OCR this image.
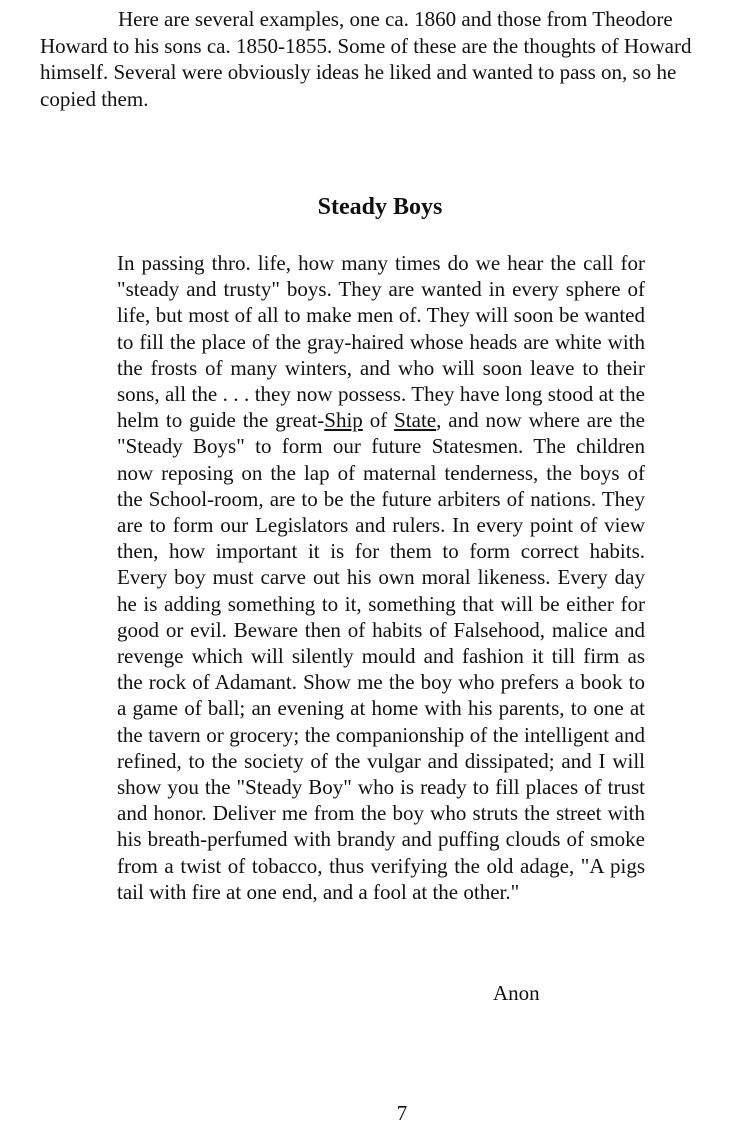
Here are several examples, one ca. 1860 and those from Theodore Howard to his sons ca. 1850-1855. Some of these are the thoughts of Howard himself. Several were obviously ideas he liked and wanted to pass on, so he copied them.

Steady Boys

In passing thro. life, how many times do we hear the call for "steady and trusty" boys. They are wanted in every sphere of life, but most of all to make men of. They will soon be wanted to fill the place of the gray-haired whose heads are white with the frosts of many winters, and who will soon leave to their sons, all the . . . they now possess. They have long stood at the helm to guide the great-Ship of State, and now where are the "Steady Boys" to form our future Statesmen. The children now reposing on the lap of maternal tenderness, the boys of the School-room, are to be the future arbiters of nations. They are to form our Legislators and rulers. In every point of view then, how important it is for them to form correct habits. Every boy must carve out his own moral likeness. Every day he is adding something to it, something that will be either for good or evil. Beware then of habits of Falsehood, malice and revenge which will silently mould and fashion it till firm as the rock of Adamant. Show me the boy who prefers a book to a game of ball; an evening at home with his parents, to one at the tavern or grocery; the companionship of the intelligent and refined, to the society of the vulgar and dissipated; and I will show you the "Steady Boy" who is ready to fill places of trust and honor. Deliver me from the boy who struts the street with his breath-perfumed with brandy and puffing clouds of smoke from a twist of tobacco, thus verifying the old adage, "A pigs tail with fire at one end, and a fool at the other."

Anon

7
